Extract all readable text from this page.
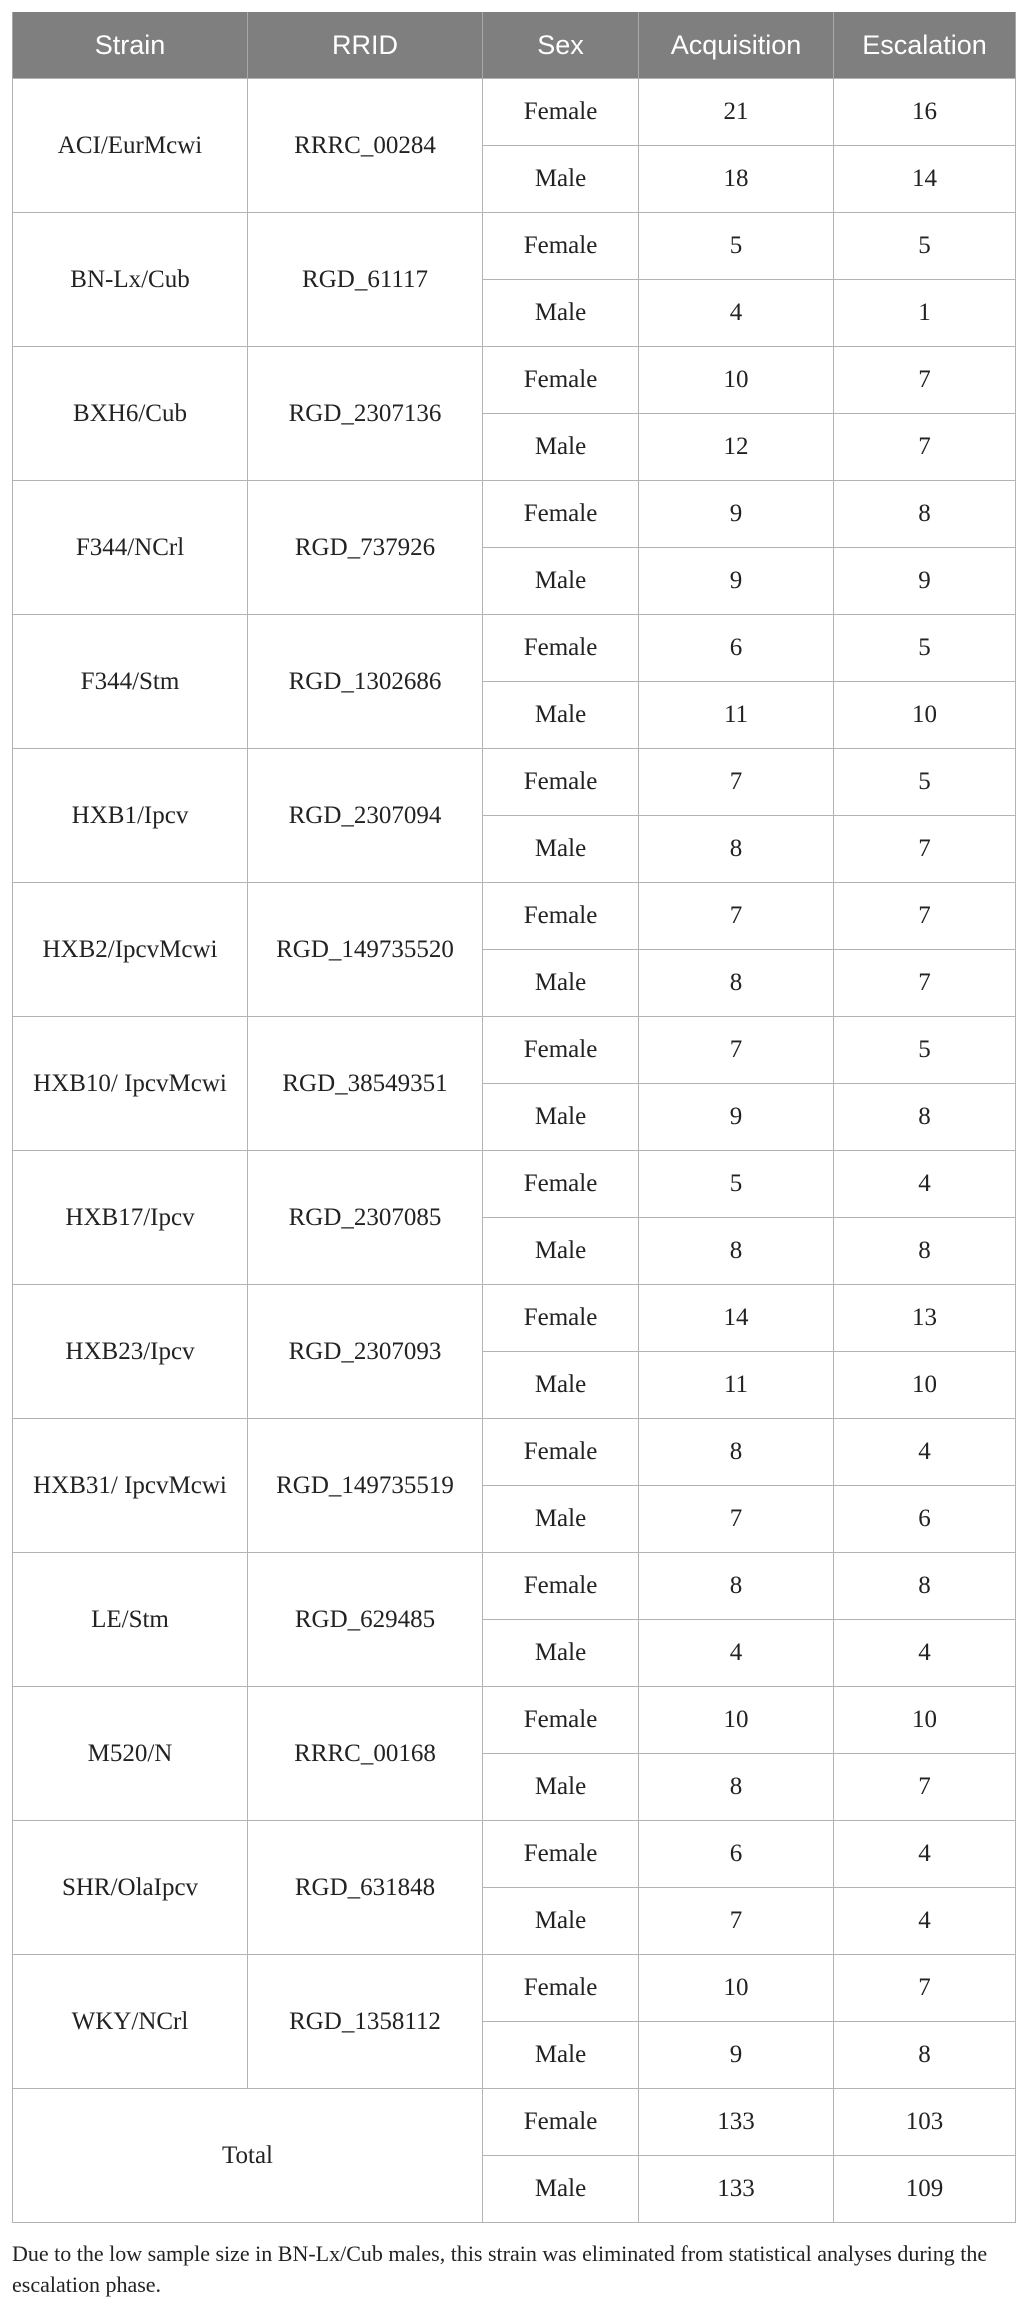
Strain	RRID	Sex	Acquisition	Escalation
ACI/EurMcwi	RRRC_00284	Female	21	16
		Male	18	14
BN-Lx/Cub	RGD_61117	Female	5	5
		Male	4	1
BXH6/Cub	RGD_2307136	Female	10	7
		Male	12	7
F344/NCrl	RGD_737926	Female	9	8
		Male	9	9
F344/Stm	RGD_1302686	Female	6	5
		Male	11	10
HXB1/Ipcv	RGD_2307094	Female	7	5
		Male	8	7
HXB2/IpcvMcwi	RGD_149735520	Female	7	7
		Male	8	7
HXB10/ IpcvMcwi	RGD_38549351	Female	7	5
		Male	9	8
HXB17/Ipcv	RGD_2307085	Female	5	4
		Male	8	8
HXB23/Ipcv	RGD_2307093	Female	14	13
		Male	11	10
HXB31/ IpcvMcwi	RGD_149735519	Female	8	4
		Male	7	6
LE/Stm	RGD_629485	Female	8	8
		Male	4	4
M520/N	RRRC_00168	Female	10	10
		Male	8	7
SHR/OlaIpcv	RGD_631848	Female	6	4
		Male	7	4
WKY/NCrl	RGD_1358112	Female	10	7
		Male	9	8
Total		Female	133	103
		Male	133	109
Due to the low sample size in BN-Lx/Cub males, this strain was eliminated from statistical analyses during the escalation phase.
